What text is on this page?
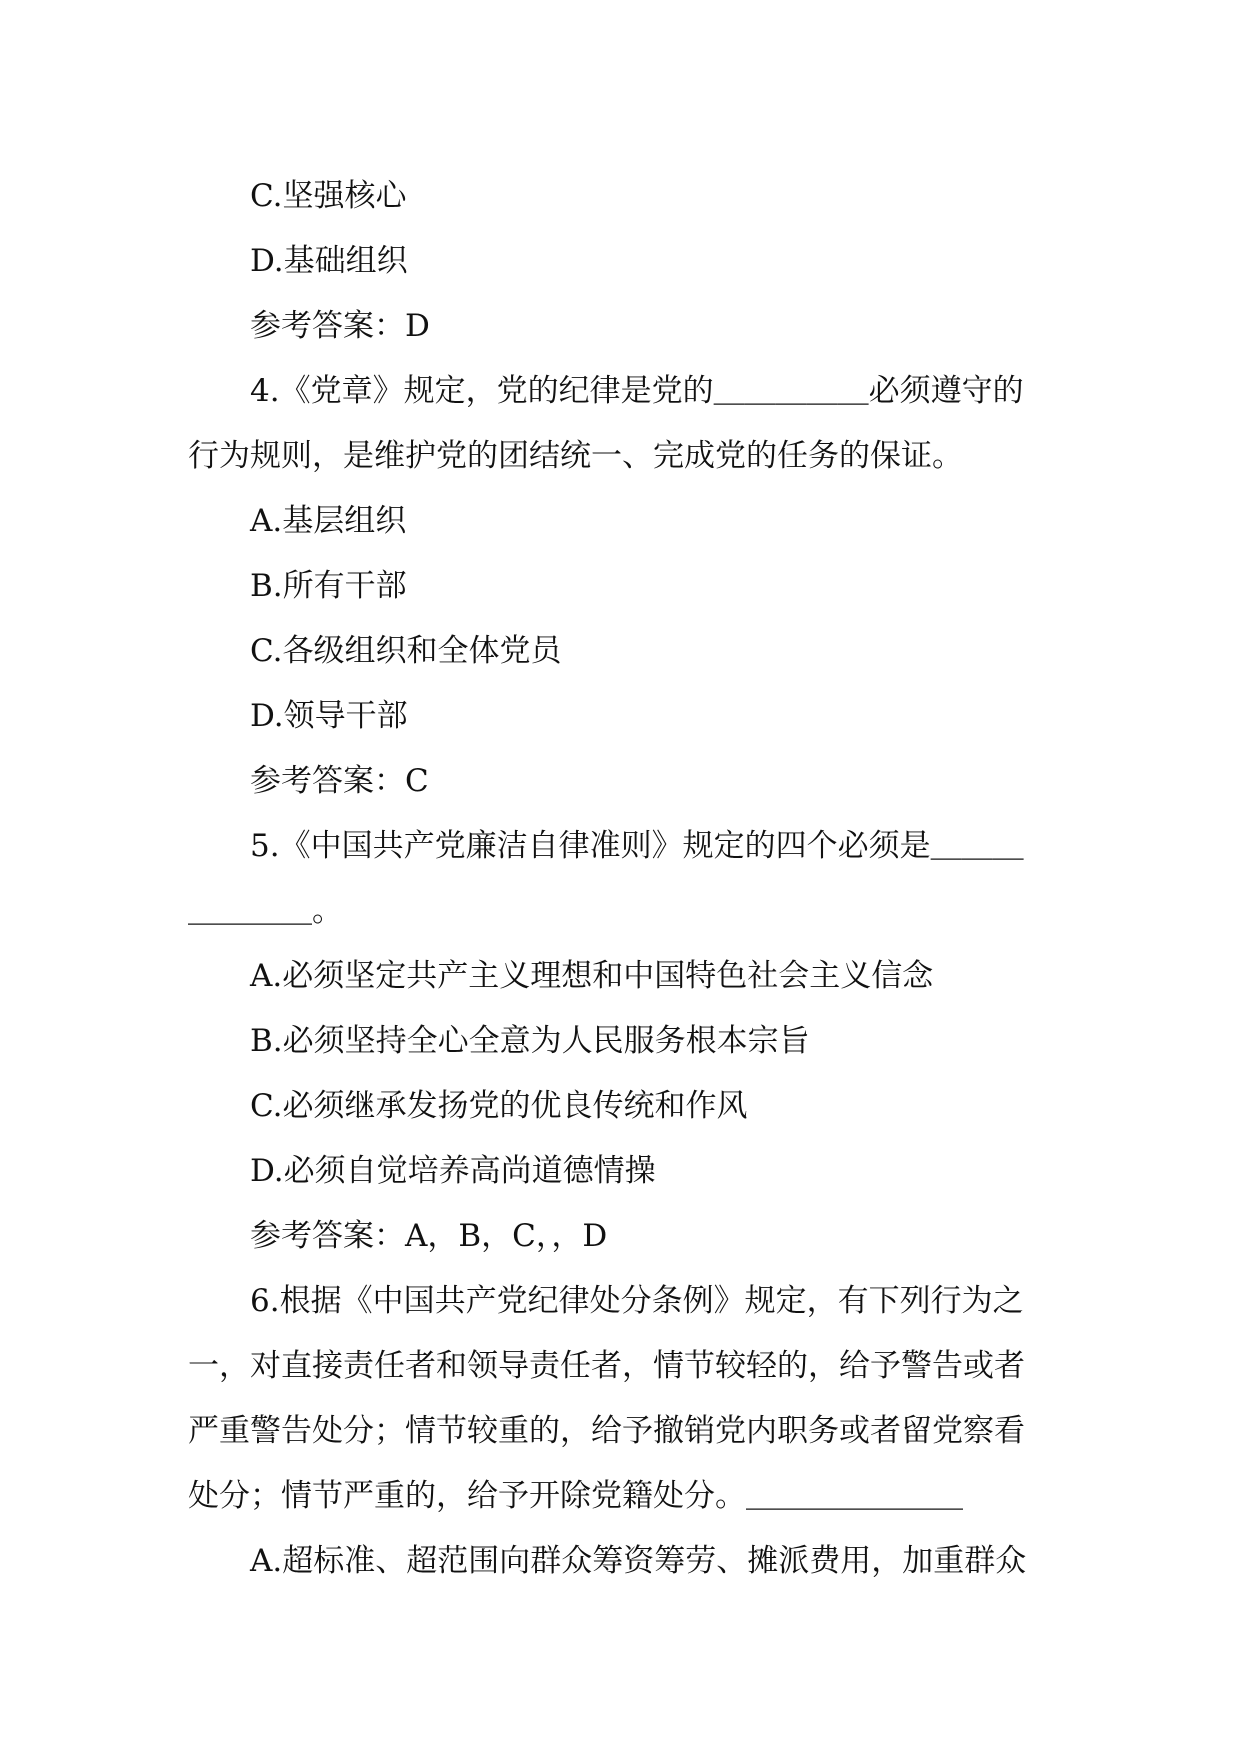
C.坚强核心
D.基础组织
参考答案：D
4.《党章》规定，党的纪律是党的＿＿＿＿＿必须遵守的
行为规则，是维护党的团结统一、完成党的任务的保证。
A.基层组织
B.所有干部
C.各级组织和全体党员
D.领导干部
参考答案：C
5.《中国共产党廉洁自律准则》规定的四个必须是＿＿＿
＿＿＿＿。
A.必须坚定共产主义理想和中国特色社会主义信念
B.必须坚持全心全意为人民服务根本宗旨
C.必须继承发扬党的优良传统和作风
D.必须自觉培养高尚道德情操
参考答案：A，B，C，，D
6.根据《中国共产党纪律处分条例》规定，有下列行为之
一，对直接责任者和领导责任者，情节较轻的，给予警告或者
严重警告处分；情节较重的，给予撤销党内职务或者留党察看
处分；情节严重的，给予开除党籍处分。＿＿＿＿＿＿＿
A.超标准、超范围向群众筹资筹劳、摊派费用，加重群众
